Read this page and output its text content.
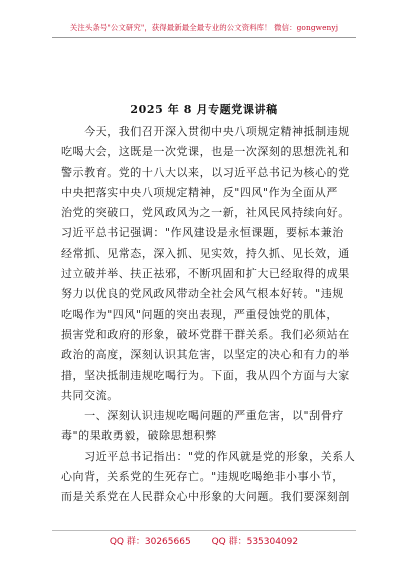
关注头条号"公文研究"，获得最新最全最专业的公文资料库！ 微信：gongwenyj
2025 年 8 月专题党课讲稿

　　今天，我们召开深入贯彻中央八项规定精神抵制违规
吃喝大会，这既是一次党课，也是一次深刻的思想洗礼和
警示教育。党的十八大以来，以习近平总书记为核心的党
中央把落实中央八项规定精神，反"四风"作为全面从严
治党的突破口，党风政风为之一新，社风民风持续向好。
习近平总书记强调："作风建设是永恒课题，要标本兼治
经常抓、见常态，深入抓、见实效，持久抓、见长效，通
过立破并举、扶正祛邪，不断巩固和扩大已经取得的成果
努力以优良的党风政风带动全社会风气根本好转。"违规
吃喝作为"四风"问题的突出表现，严重侵蚀党的肌体，
损害党和政府的形象，破坏党群干群关系。我们必须站在
政治的高度，深刻认识其危害，以坚定的决心和有力的举
措，坚决抵制违规吃喝行为。下面，我从四个方面与大家
共同交流。

　　一、深刻认识违规吃喝问题的严重危害，以"刮骨疗
毒"的果敢勇毅，破除思想积弊

　　习近平总书记指出："党的作风就是党的形象，关系人
心向背，关系党的生死存亡。"违规吃喝绝非小事小节，
而是关系党在人民群众心中形象的大问题。我们要深刻剖

QQ 群：30265665 QQ 群：535304092
